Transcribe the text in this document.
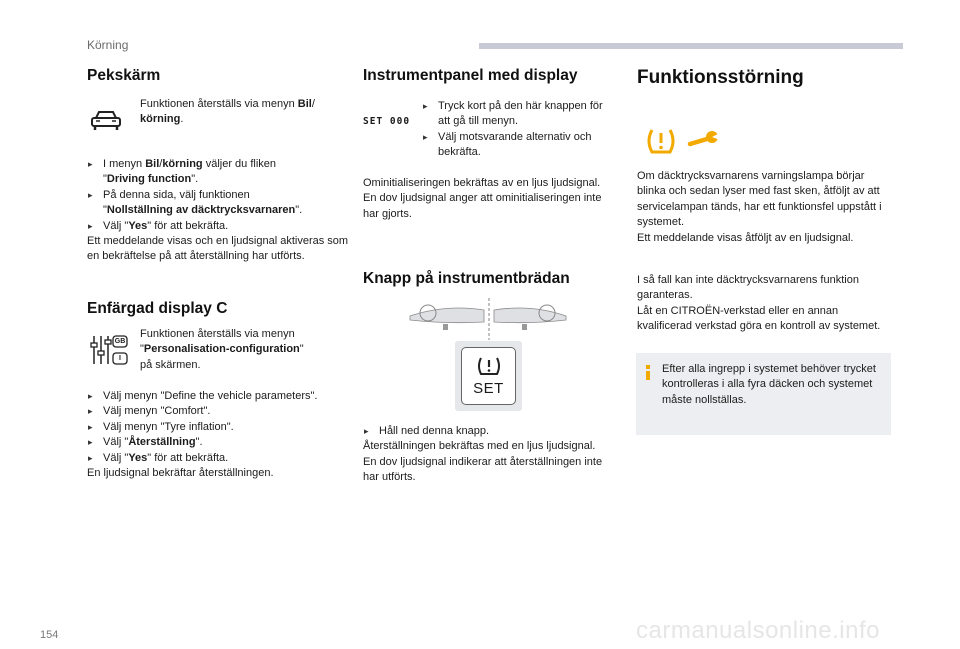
Körning
Pekskärm
Funktionen återställs via menyn Bil/
körning.
▸ I menyn Bil/körning väljer du fliken
"Driving function".
▸ På denna sida, välj funktionen
"Nollställning av däcktrycksvarnaren".
▸ Välj "Yes" för att bekräfta.
Ett meddelande visas och en ljudsignal aktiveras som en bekräftelse på att återställning har utförts.
Enfärgad display C
GB
I
Funktionen återställs via menyn
"Personalisation-configuration"
på skärmen.
▸ Välj menyn "Define the vehicle parameters".
▸ Välj menyn "Comfort".
▸ Välj menyn "Tyre inflation".
▸ Välj "Återställning".
▸ Välj "Yes" för att bekräfta.
En ljudsignal bekräftar återställningen.
Instrumentpanel med display
SET 000
▸ Tryck kort på den här knappen för att gå till menyn.
▸ Välj motsvarande alternativ och bekräfta.
Ominitialiseringen bekräftas av en ljus ljudsignal.
En dov ljudsignal anger att ominitialiseringen inte har gjorts.
Knapp på instrumentbrädan
SET
▸ Håll ned denna knapp.
Återställningen bekräftas med en ljus ljudsignal.
En dov ljudsignal indikerar att återställningen inte har utförts.
Funktionsstörning
Om däcktrycksvarnarens varningslampa börjar blinka och sedan lyser med fast sken, åtföljt av att servicelampan tänds, har ett funktionsfel uppstått i systemet.
Ett meddelande visas åtföljt av en ljudsignal.
I så fall kan inte däcktrycksvarnarens funktion garanteras.
Låt en CITROËN-verkstad eller en annan kvalificerad verkstad göra en kontroll av systemet.
Efter alla ingrepp i systemet behöver trycket kontrolleras i alla fyra däcken och systemet måste nollställas.
154	carmanualsonline.info
